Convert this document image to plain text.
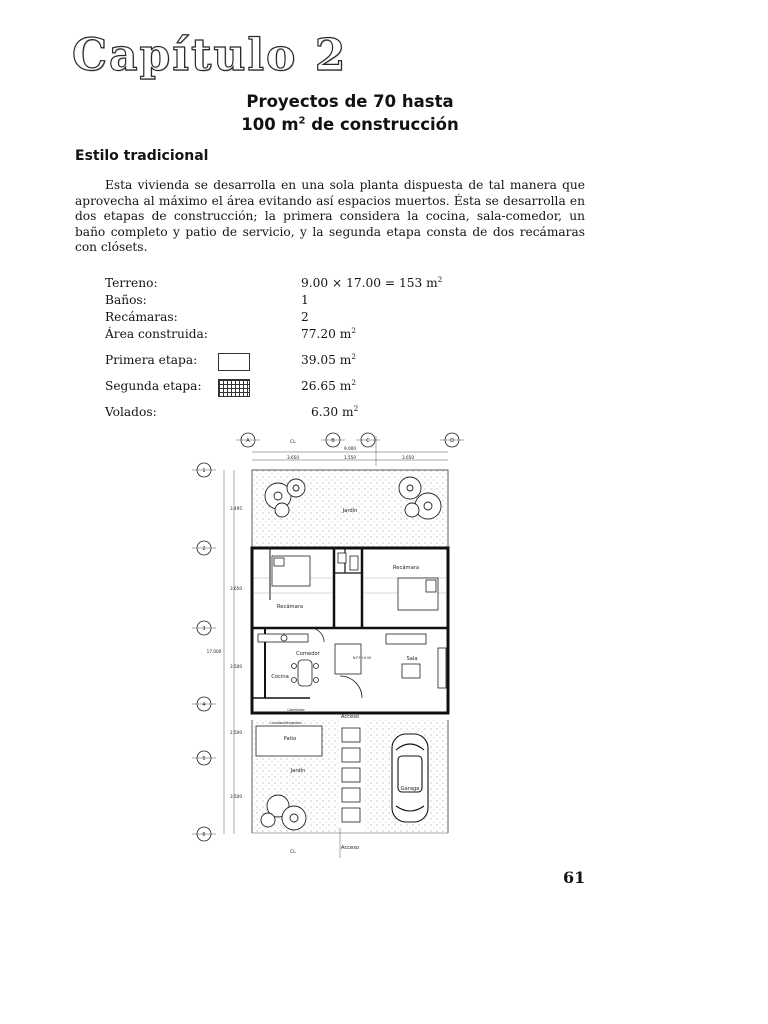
Capítulo 2
Proyectos de 70 hasta
100 $m^2$ de construcción
Estilo tradicional

Esta vivienda se desarrolla en una sola planta dispuesta de tal manera que aprovecha al máximo el área evitando así espacios muertos. Ésta se desarrolla en dos etapas de construcción; la primera considera la cocina, sala-comedor, un baño completo y patio de servicio, y la segunda etapa consta de dos recámaras con clósets.

Terreno:	9.00 × 17.00 = 153 $m^2$
Baños:	1
Recámaras:	2
Área construida:	77.20 $m^2$
Primera etapa:	39.05 $m^2$
Segunda etapa:	26.65 $m^2$
Volados:	6.30 $m^2$
A	B	C	D
1
2
3
4
5
6
CL
CL
9.000
3.650	1.550	3.650
3.495
3.650
3.500
2.500
3.500
17.000
Jardín
Recámara
Recámara
Comedor
Sala
Cocina
Acceso
Patio
Jardín
Garage
Acceso
N.P.T.+0.00
Lavadero/fregadero
Calentador

61
